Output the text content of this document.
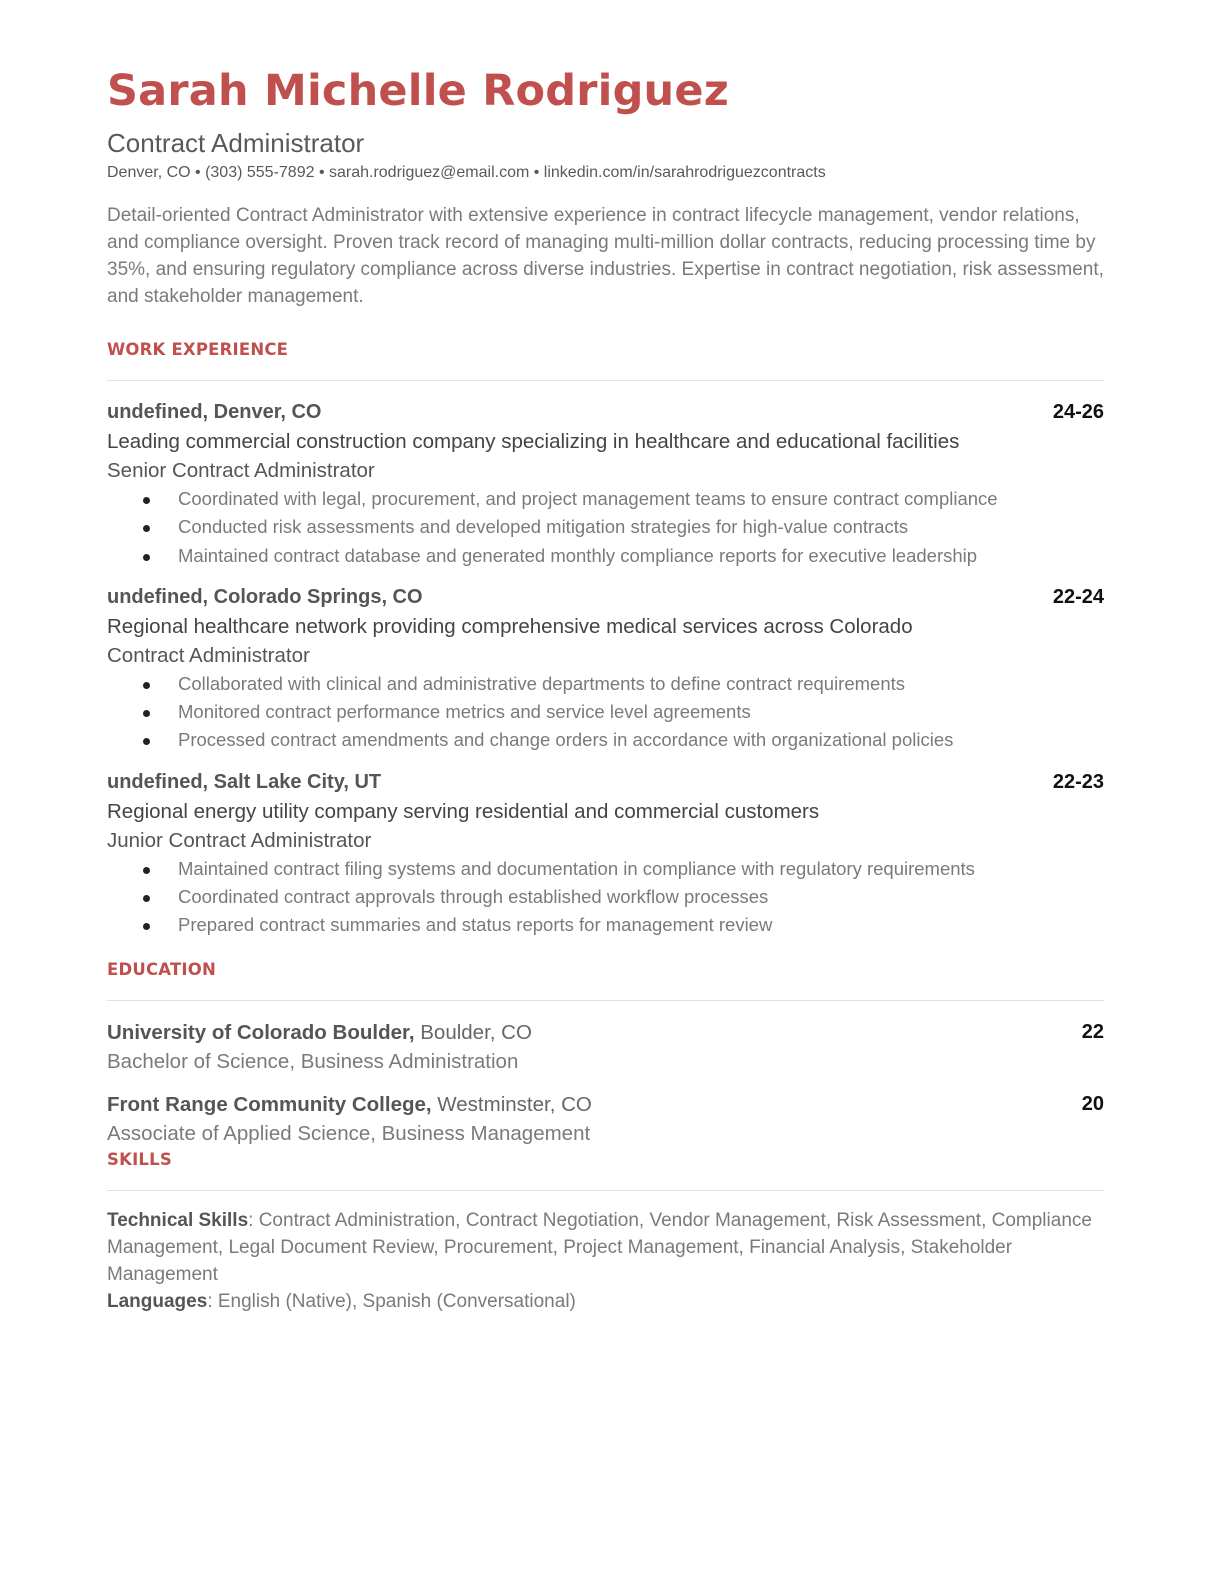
Sarah Michelle Rodriguez
Contract Administrator
Denver, CO • (303) 555-7892 • sarah.rodriguez@email.com • linkedin.com/in/sarahrodriguezcontracts
Detail-oriented Contract Administrator with extensive experience in contract lifecycle management, vendor relations, and compliance oversight. Proven track record of managing multi-million dollar contracts, reducing processing time by 35%, and ensuring regulatory compliance across diverse industries. Expertise in contract negotiation, risk assessment, and stakeholder management.
WORK EXPERIENCE
undefined, Denver, CO	24-26
Leading commercial construction company specializing in healthcare and educational facilities
Senior Contract Administrator
Coordinated with legal, procurement, and project management teams to ensure contract compliance
Conducted risk assessments and developed mitigation strategies for high-value contracts
Maintained contract database and generated monthly compliance reports for executive leadership
undefined, Colorado Springs, CO	22-24
Regional healthcare network providing comprehensive medical services across Colorado
Contract Administrator
Collaborated with clinical and administrative departments to define contract requirements
Monitored contract performance metrics and service level agreements
Processed contract amendments and change orders in accordance with organizational policies
undefined, Salt Lake City, UT	22-23
Regional energy utility company serving residential and commercial customers
Junior Contract Administrator
Maintained contract filing systems and documentation in compliance with regulatory requirements
Coordinated contract approvals through established workflow processes
Prepared contract summaries and status reports for management review
EDUCATION
University of Colorado Boulder, Boulder, CO	22
Bachelor of Science, Business Administration
Front Range Community College, Westminster, CO	20
Associate of Applied Science, Business Management
SKILLS
Technical Skills: Contract Administration, Contract Negotiation, Vendor Management, Risk Assessment, Compliance Management, Legal Document Review, Procurement, Project Management, Financial Analysis, Stakeholder Management
Languages: English (Native), Spanish (Conversational)
